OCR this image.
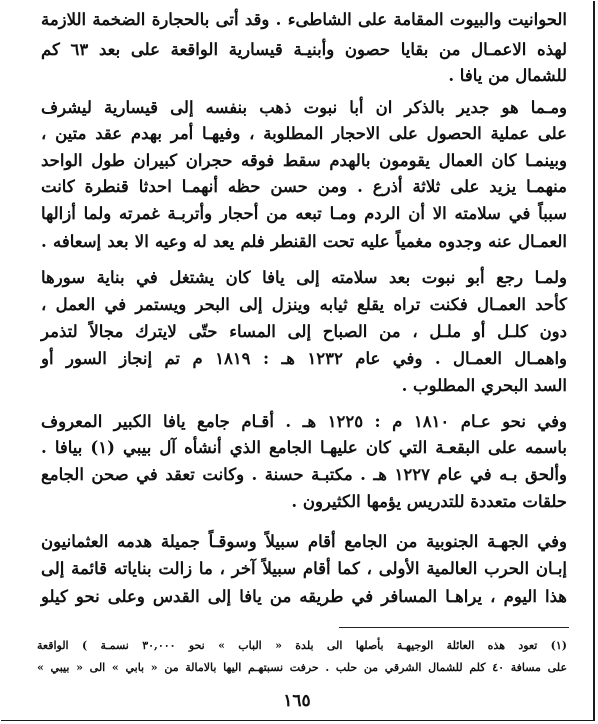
الحوانيت والبيوت المقامة على الشاطىء . وقد أتى بالحجارة الضخمة اللازمة
لهذه الاعمـال من بقايا حصون وأبنيـة قيسارية الواقعة على بعد ٦٣ كم
للشمال من يافا .
ومـما هو جدير بالذكر ان أبا نبوت ذهب بنفسه إلى قيسارية ليشرف
على عملية الحصول على الاحجار المطلوبة ، وفيهـا أمر بهدم عقد متين ،
وبينمـا كان العمال يقومون بالهدم سقط فوقه حجران كبيران طول الواحد
منهمـا يزيد على ثلاثة أذرع . ومن حسن حظه أنهمـا احدثا قنطرة كانت
سبباً في سلامته الا أن الردم ومـا تبعه من أحجار وأتربـة غمرته ولما أزالها
العمـال عنه وجدوه مغمياً عليه تحت القنطر فلم يعد له وعيه الا بعد إسعافه .
ولمـا رجع أبو نبوت بعد سلامته إلى يافا كان يشتغل في بناية سورها
كأحد العمـال فكنت تراه يقلع ثيابه وينزل إلى البحر ويستمر في العمل ،
دون كلـل أو ملـل ، من الصباح إلى المساء حتّى لايترك مجالاً لتذمر
واهمـال العمـال . وفي عام ١٢٣٢ هـ : ١٨١٩ م تم إنجاز السور أو
السد البحري المطلوب .
وفي نحو عـام ١٨١٠ م : ١٢٢٥ هـ . أقـام جامع يافا الكبير المعروف
باسمه على البقعـة التي كان عليهـا الجامع الذي أنشأه آل بيبي (١) بيافا .
وألحق بـه في عام ١٢٢٧ هـ . مكتبـة حسنة . وكانت تعقد في صحن الجامع
حلقات متعددة للتدريس يؤمها الكثيرون .
وفي الجهـة الجنوبية من الجامع أقام سبيلاً وسوقـاً جميلة هدمه العثمانيون
إبـان الحرب العالمية الأولى ، كما أقام سبيلاً آخر ، ما زالت بناياته قائمة إلى
هذا اليوم ، يراهـا المسافر في طريقه من يافا إلى القدس وعلى نحو كيلو
(١) تعود هذه العائلة الوجيهـة بأصلها الى بلدة « الباب » نحو ٣٠,٠٠٠ نسمـة ) الواقعة
على مسافة ٤٠ كلم للشمال الشرقي من حلب . حرفت نسبتهـم اليها بالامالة من « بابي » الى « بيبي »
١٦٥
